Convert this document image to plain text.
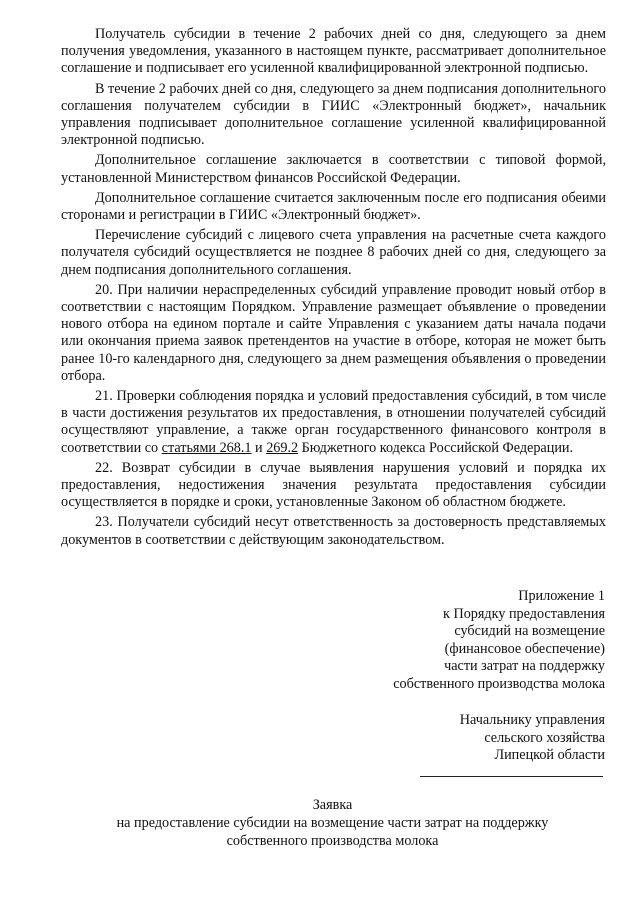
Получатель субсидии в течение 2 рабочих дней со дня, следующего за днем получения уведомления, указанного в настоящем пункте, рассматривает дополнительное соглашение и подписывает его усиленной квалифицированной электронной подписью.

В течение 2 рабочих дней со дня, следующего за днем подписания дополнительного соглашения получателем субсидии в ГИИС «Электронный бюджет», начальник управления подписывает дополнительное соглашение усиленной квалифицированной электронной подписью.

Дополнительное соглашение заключается в соответствии с типовой формой, установленной Министерством финансов Российской Федерации.

Дополнительное соглашение считается заключенным после его подписания обеими сторонами и регистрации в ГИИС «Электронный бюджет».

Перечисление субсидий с лицевого счета управления на расчетные счета каждого получателя субсидий осуществляется не позднее 8 рабочих дней со дня, следующего за днем подписания дополнительного соглашения.

20. При наличии нераспределенных субсидий управление проводит новый отбор в соответствии с настоящим Порядком. Управление размещает объявление о проведении нового отбора на едином портале и сайте Управления с указанием даты начала подачи или окончания приема заявок претендентов на участие в отборе, которая не может быть ранее 10-го календарного дня, следующего за днем размещения объявления о проведении отбора.

21. Проверки соблюдения порядка и условий предоставления субсидий, в том числе в части достижения результатов их предоставления, в отношении получателей субсидий осуществляют управление, а также орган государственного финансового контроля в соответствии со статьями 268.1 и 269.2 Бюджетного кодекса Российской Федерации.

22. Возврат субсидии в случае выявления нарушения условий и порядка их предоставления, недостижения значения результата предоставления субсидии осуществляется в порядке и сроки, установленные Законом об областном бюджете.

23. Получатели субсидий несут ответственность за достоверность представляемых документов в соответствии с действующим законодательством.

Приложение 1
к Порядку предоставления
субсидий на возмещение
(финансовое обеспечение)
части затрат на поддержку
собственного производства молока
Начальнику управления
сельского хозяйства
Липецкой области
Заявка
на предоставление субсидии на возмещение части затрат на поддержку
собственного производства молока
